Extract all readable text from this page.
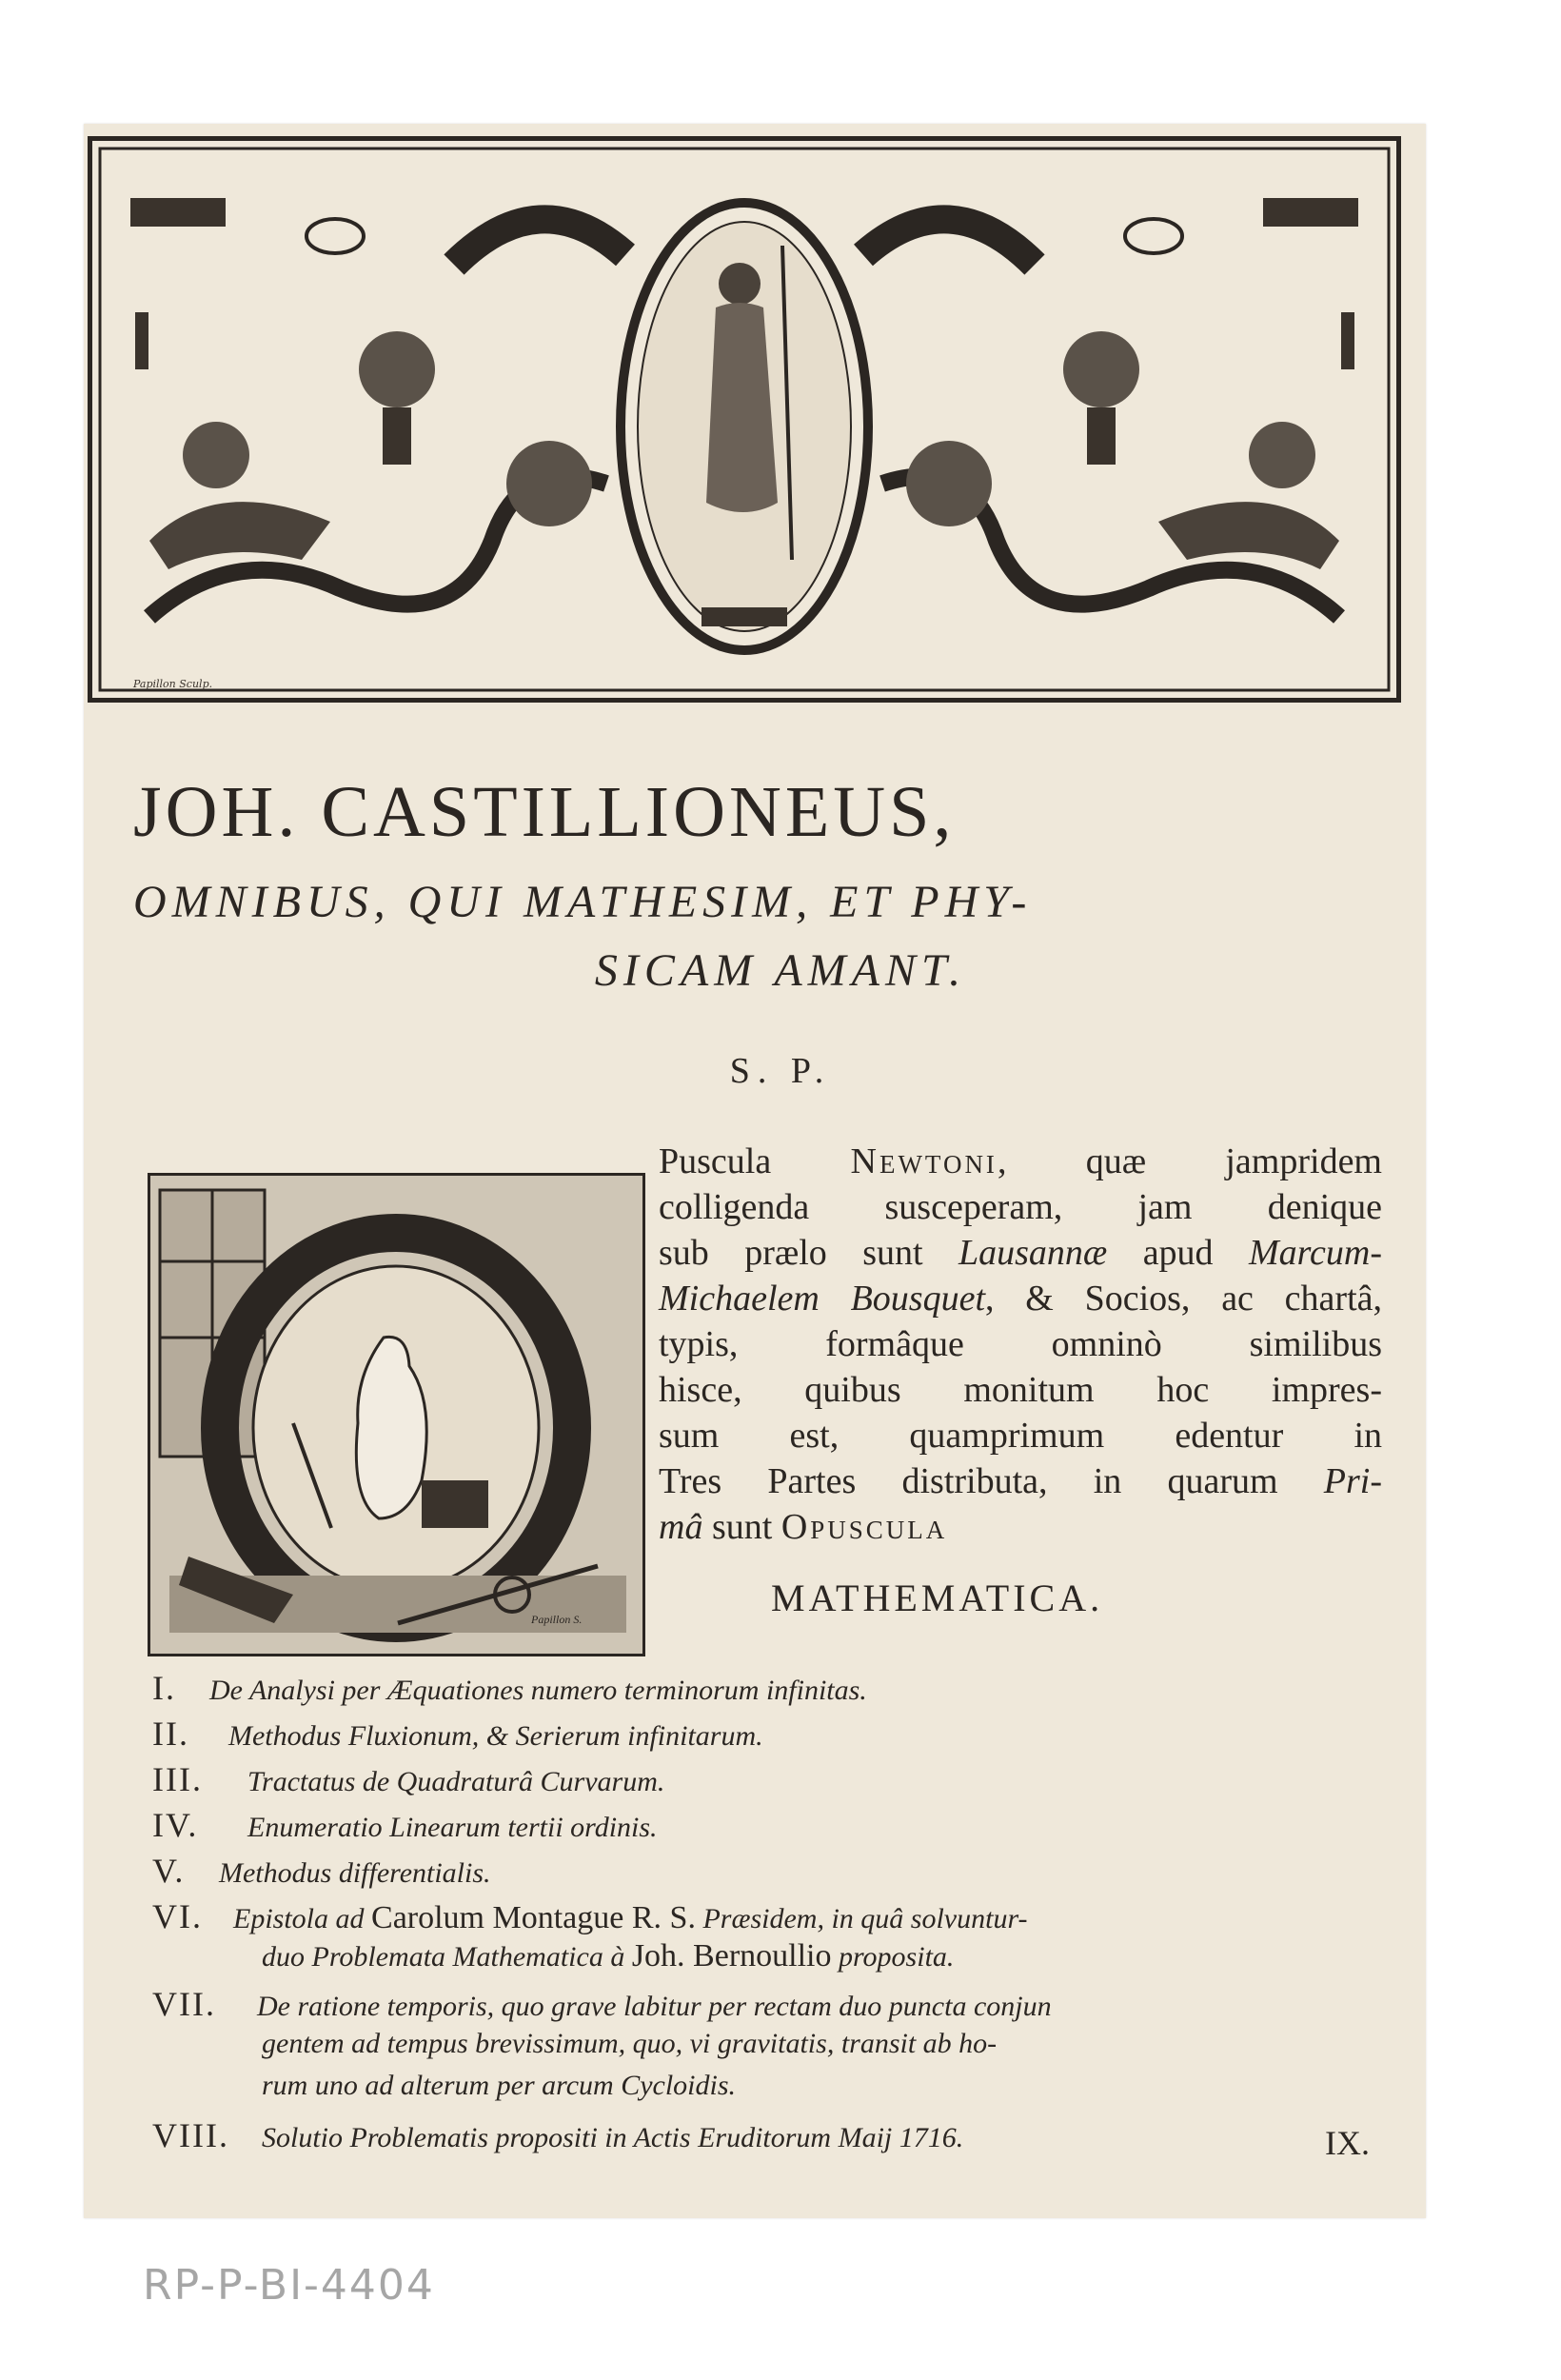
Papillon Sculp.
JOH. CASTILLIONEUS,
OMNIBUS, QUI MATHESIM, ET PHY-
SICAM AMANT.
S. P.
Papillon S.
Puscula Newtoni, quæ jampridem
colligenda susceperam, jam denique
sub prælo sunt Lausannæ apud Marcum-
Michaelem Bousquet, & Socios, ac chartâ,
typis, formâque omninò similibus
hisce, quibus monitum hoc impres-
sum est, quamprimum edentur in
Tres Partes distributa, in quarum Pri-
mâ sunt Opuscula
MATHEMATICA.
I. De Analysi per Æquationes numero terminorum infinitas.
II. Methodus Fluxionum, & Serierum infinitarum.
III. Tractatus de Quadraturâ Curvarum.
IV. Enumeratio Linearum tertii ordinis.
V. Methodus differentialis.
VI. Epistola ad Carolum Montague R. S. Præsidem, in quâ solvuntur-
duo Problemata Mathematica à Joh. Bernoullio proposita.
VII. De ratione temporis, quo grave labitur per rectam duo puncta conjun
gentem ad tempus brevissimum, quo, vi gravitatis, transit ab ho-
rum uno ad alterum per arcum Cycloidis.
VIII. Solutio Problematis propositi in Actis Eruditorum Maij 1716.	IX.
RP-P-BI-4404
